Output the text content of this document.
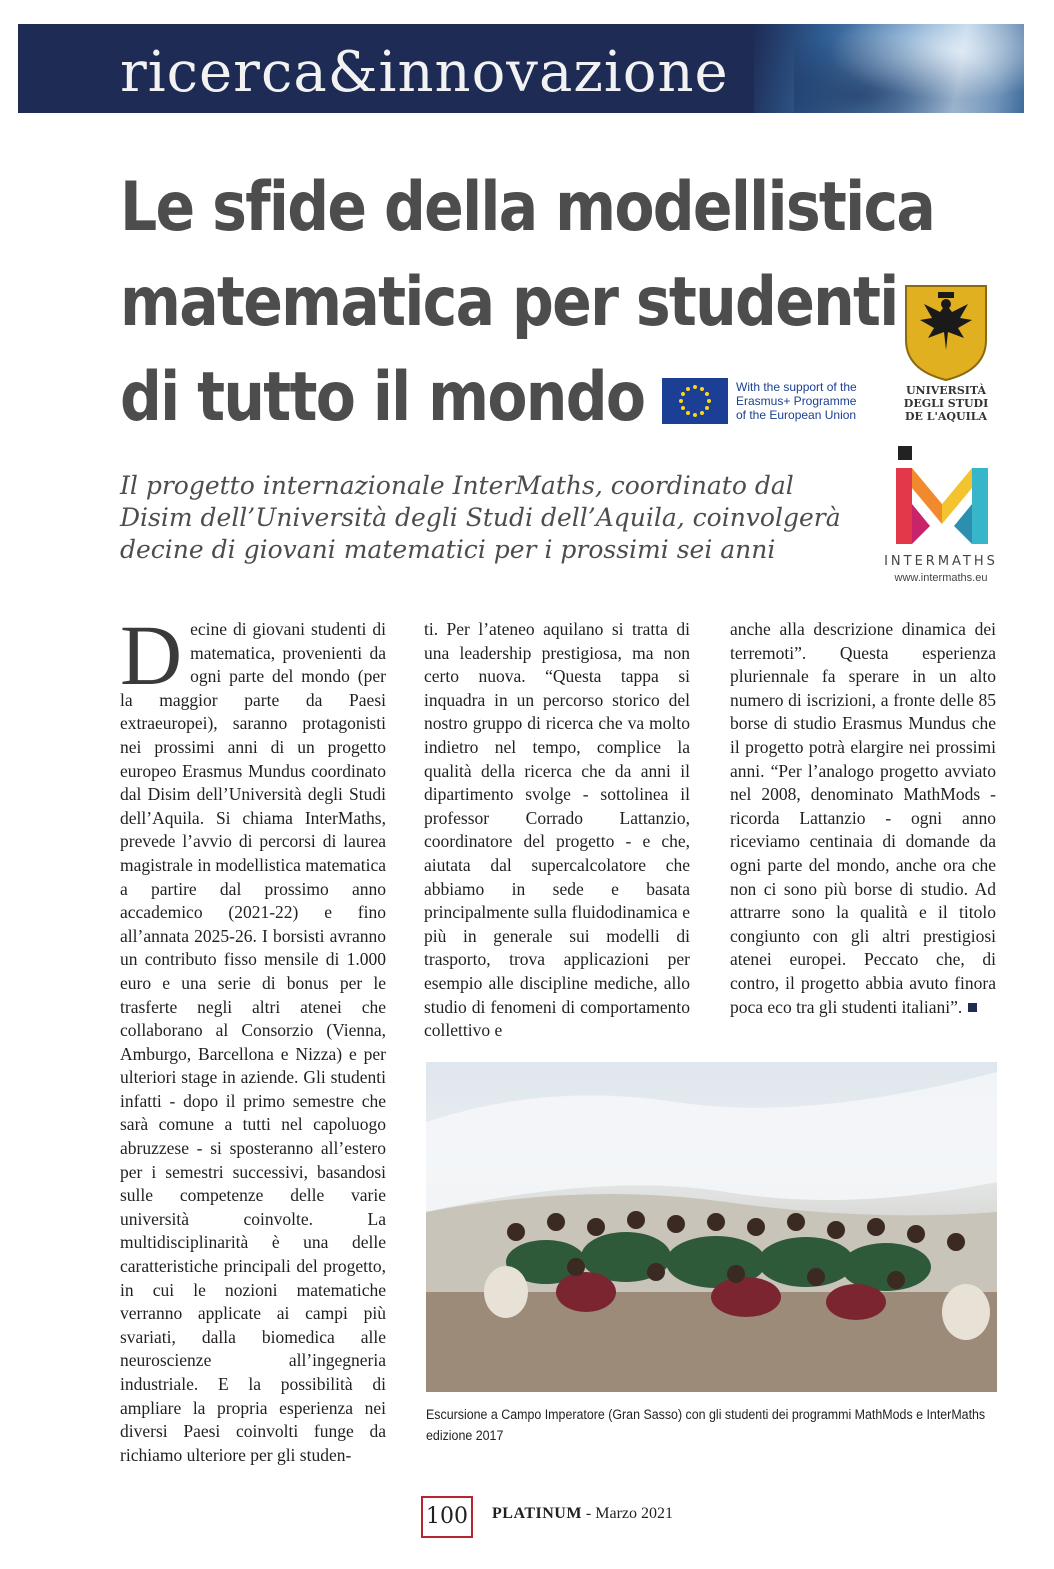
ricerca&innovazione
Le sfide della modellistica
matematica per studenti
di tutto il mondo	With the support of the
Erasmus+ Programme
of the European Union
UNIVERSITÀ
DEGLI STUDI
DE L'AQUILA
INTERMATHS
www.intermaths.eu
Il progetto internazionale InterMaths, coordinato dal
Disim dell’Università degli Studi dell’Aquila, coinvolgerà
decine di giovani matematici per i prossimi sei anni

Decine di giovani studenti di matematica, provenienti da ogni parte del mondo (per la maggior parte da Paesi extraeuropei), saranno protagonisti nei prossimi anni di un progetto europeo Erasmus Mundus coordinato dal Disim dell’Università degli Studi dell’Aquila. Si chiama InterMaths, prevede l’avvio di percorsi di laurea magistrale in modellistica matematica a partire dal prossimo anno accademico (2021-22) e fino all’annata 2025-26. I borsisti avranno un contributo fisso mensile di 1.000 euro e una serie di bonus per le trasferte negli altri atenei che collaborano al Consorzio (Vienna, Amburgo, Barcellona e Nizza) e per ulteriori stage in aziende. Gli studenti infatti - dopo il primo semestre che sarà comune a tutti nel capoluogo abruzzese - si sposteranno all’estero per i semestri successivi, basandosi sulle competenze delle varie università coinvolte. La multidisciplinarità è una delle caratteristiche principali del progetto, in cui le nozioni matematiche verranno applicate ai campi più svariati, dalla biomedica alle neuroscienze all’ingegneria industriale. E la possibilità di ampliare la propria esperienza nei diversi Paesi coinvolti funge da richiamo ulteriore per gli studen-

ti. Per l’ateneo aquilano si tratta di una leadership prestigiosa, ma non certo nuova. “Questa tappa si inquadra in un percorso storico del nostro gruppo di ricerca che va molto indietro nel tempo, complice la qualità della ricerca che da anni il dipartimento svolge - sottolinea il professor Corrado Lattanzio, coordinatore del progetto - e che, aiutata dal supercalcolatore che abbiamo in sede e basata principalmente sulla fluidodinamica e più in generale sui modelli di trasporto, trova applicazioni per esempio alle discipline mediche, allo studio di fenomeni di comportamento collettivo e

anche alla descrizione dinamica dei terremoti”. Questa esperienza pluriennale fa sperare in un alto numero di iscrizioni, a fronte delle 85 borse di studio Erasmus Mundus che il progetto potrà elargire nei prossimi anni. “Per l’analogo progetto avviato nel 2008, denominato MathMods - ricorda Lattanzio - ogni anno riceviamo centinaia di domande da ogni parte del mondo, anche ora che non ci sono più borse di studio. Ad attrarre sono la qualità e il titolo congiunto con gli altri prestigiosi atenei europei. Peccato che, di contro, il progetto abbia avuto finora poca eco tra gli studenti italiani”.

Escursione a Campo Imperatore (Gran Sasso) con gli studenti dei programmi MathMods e InterMaths
edizione 2017
100	PLATINUM - Marzo 2021
